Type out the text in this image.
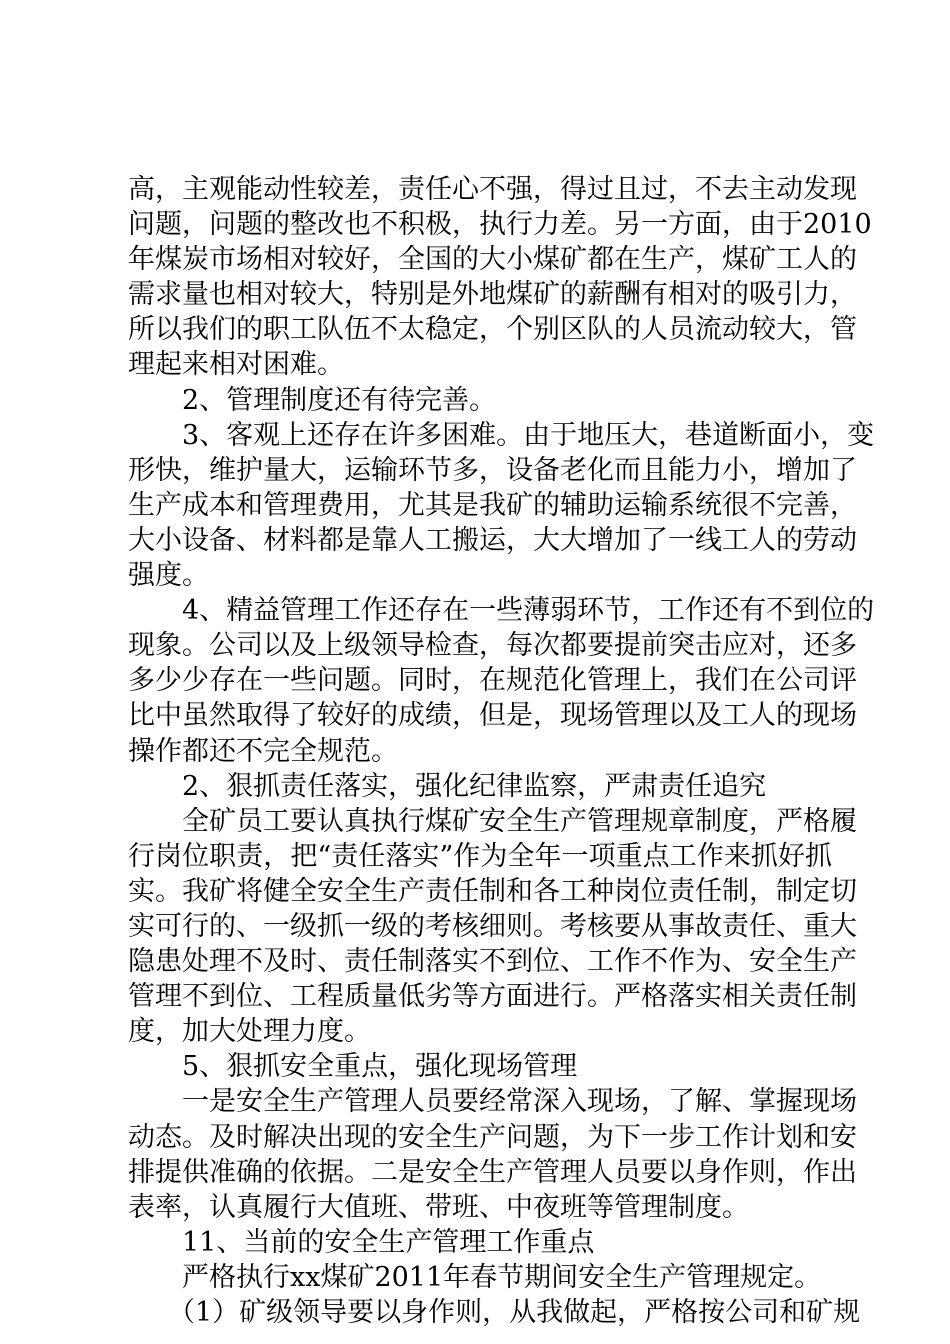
高，主观能动性较差，责任心不强，得过且过，不去主动发现
问题，问题的整改也不积极，执行力差。另一方面，由于2010
年煤炭市场相对较好，全国的大小煤矿都在生产，煤矿工人的
需求量也相对较大，特别是外地煤矿的薪酬有相对的吸引力，
所以我们的职工队伍不太稳定，个别区队的人员流动较大，管
理起来相对困难。
2、管理制度还有待完善。
3、客观上还存在许多困难。由于地压大，巷道断面小，变
形快，维护量大，运输环节多，设备老化而且能力小，增加了
生产成本和管理费用，尤其是我矿的辅助运输系统很不完善，
大小设备、材料都是靠人工搬运，大大增加了一线工人的劳动
强度。
4、精益管理工作还存在一些薄弱环节，工作还有不到位的
现象。公司以及上级领导检查，每次都要提前突击应对，还多
多少少存在一些问题。同时，在规范化管理上，我们在公司评
比中虽然取得了较好的成绩，但是，现场管理以及工人的现场
操作都还不完全规范。
2、狠抓责任落实，强化纪律监察，严肃责任追究
全矿员工要认真执行煤矿安全生产管理规章制度，严格履
行岗位职责，把“责任落实”作为全年一项重点工作来抓好抓
实。我矿将健全安全生产责任制和各工种岗位责任制，制定切
实可行的、一级抓一级的考核细则。考核要从事故责任、重大
隐患处理不及时、责任制落实不到位、工作不作为、安全生产
管理不到位、工程质量低劣等方面进行。严格落实相关责任制
度，加大处理力度。
5、狠抓安全重点，强化现场管理
一是安全生产管理人员要经常深入现场，了解、掌握现场
动态。及时解决出现的安全生产问题，为下一步工作计划和安
排提供准确的依据。二是安全生产管理人员要以身作则，作出
表率，认真履行大值班、带班、中夜班等管理制度。
11、当前的安全生产管理工作重点
严格执行xx煤矿2011年春节期间安全生产管理规定。
（1）矿级领导要以身作则，从我做起，严格按公司和矿规
